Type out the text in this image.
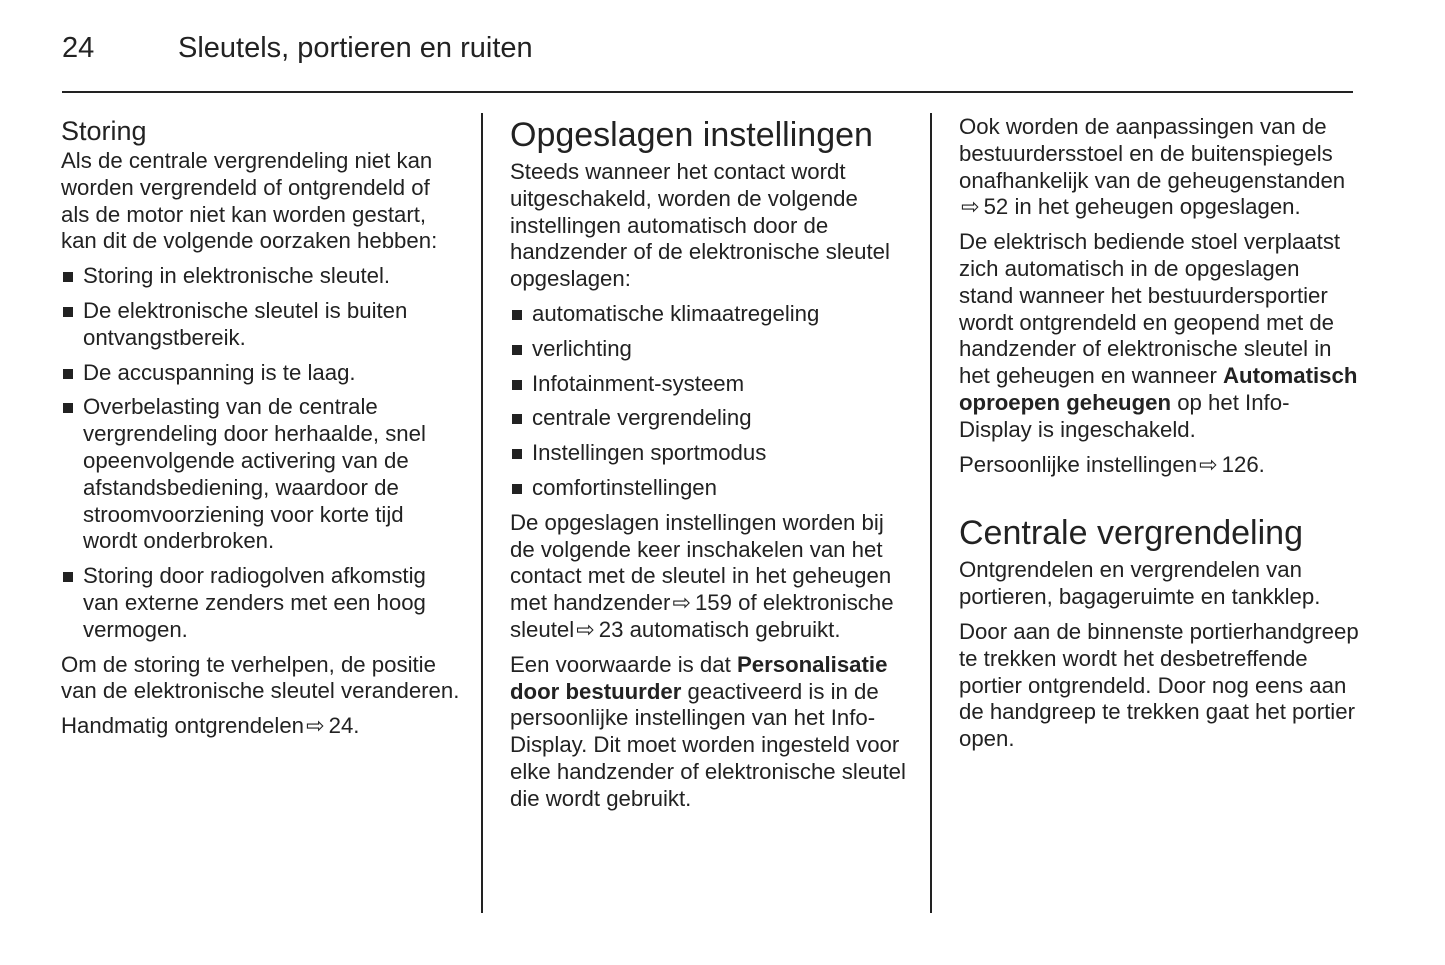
24	Sleutels, portieren en ruiten
Storing

Als de centrale vergrendeling niet kan worden vergrendeld of ontgrendeld of als de motor niet kan worden gestart, kan dit de volgende oorzaken hebben:

Storing in elektronische sleutel.
De elektronische sleutel is buiten ontvangstbereik.
De accuspanning is te laag.
Overbelasting van de centrale vergrendeling door herhaalde, snel opeenvolgende activering van de afstandsbediening, waardoor de stroomvoorziening voor korte tijd wordt onderbroken.
Storing door radiogolven afkomstig van externe zenders met een hoog vermogen.

Om de storing te verhelpen, de positie van de elektronische sleutel veranderen.

Handmatig ontgrendelen⇨ 24.

Opgeslagen instellingen

Steeds wanneer het contact wordt uitgeschakeld, worden de volgende instellingen automatisch door de handzender of de elektronische sleutel opgeslagen:

automatische klimaatregeling
verlichting
Infotainment-systeem
centrale vergrendeling
Instellingen sportmodus
comfortinstellingen

De opgeslagen instellingen worden bij de volgende keer inschakelen van het contact met de sleutel in het geheugen met handzender⇨ 159 of elektronische sleutel⇨ 23 automatisch gebruikt.

Een voorwaarde is dat Personalisatie door bestuurder geactiveerd is in de persoonlijke instellingen van het Info-Display. Dit moet worden ingesteld voor elke handzender of elektronische sleutel die wordt gebruikt.

Ook worden de aanpassingen van de bestuurdersstoel en de buitenspiegels onafhankelijk van de geheugenstanden⇨ 52 in het geheugen opgeslagen.

De elektrisch bediende stoel verplaatst zich automatisch in de opgeslagen stand wanneer het bestuurdersportier wordt ontgrendeld en geopend met de handzender of elektronische sleutel in het geheugen en wanneer Automatisch oproepen geheugen op het Info-Display is ingeschakeld.

Persoonlijke instellingen⇨ 126.

Centrale vergrendeling

Ontgrendelen en vergrendelen van portieren, bagageruimte en tankklep.

Door aan de binnenste portierhandgreep te trekken wordt het desbetreffende portier ontgrendeld. Door nog eens aan de handgreep te trekken gaat het portier open.
